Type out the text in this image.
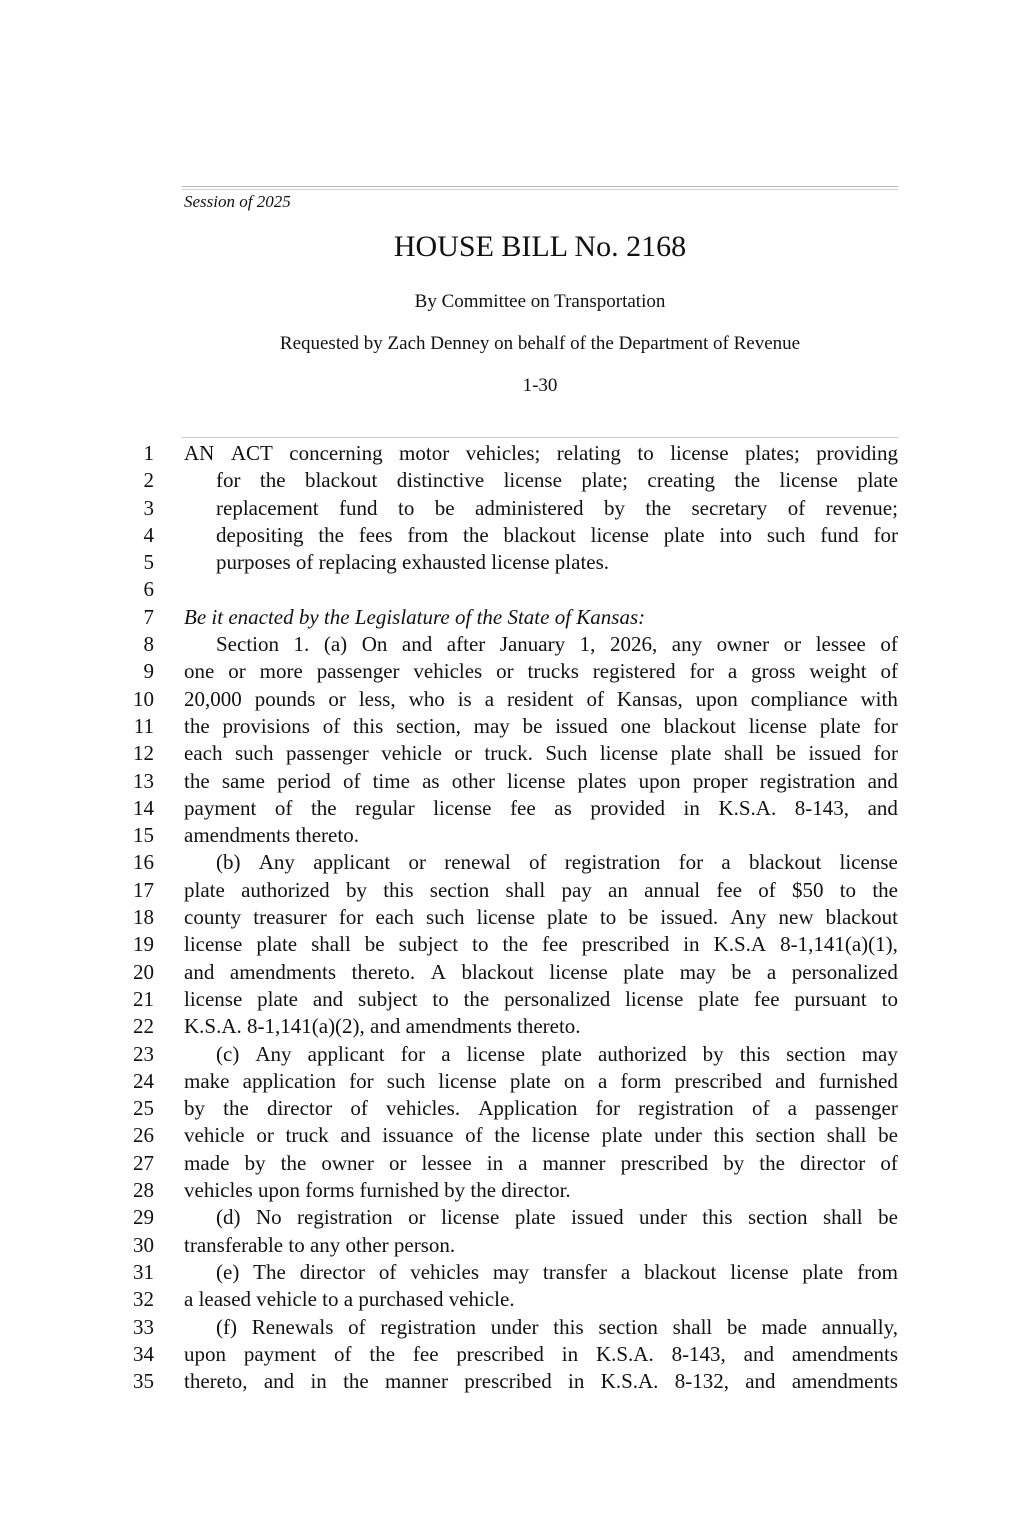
Session of 2025
HOUSE BILL No. 2168
By Committee on Transportation
Requested by Zach Denney on behalf of the Department of Revenue
1-30
1
2
3
4
5
6
7
8
9
10
11
12
13
14
15
16
17
18
19
20
21
22
23
24
25
26
27
28
29
30
31
32
33
34
35
AN ACT concerning motor vehicles; relating to license plates; providing
for the blackout distinctive license plate; creating the license plate
replacement fund to be administered by the secretary of revenue;
depositing the fees from the blackout license plate into such fund for
purposes of replacing exhausted license plates.
Be it enacted by the Legislature of the State of Kansas:
Section 1. (a) On and after January 1, 2026, any owner or lessee of
one or more passenger vehicles or trucks registered for a gross weight of
20,000 pounds or less, who is a resident of Kansas, upon compliance with
the provisions of this section, may be issued one blackout license plate for
each such passenger vehicle or truck. Such license plate shall be issued for
the same period of time as other license plates upon proper registration and
payment of the regular license fee as provided in K.S.A. 8-143, and
amendments thereto.
(b) Any applicant or renewal of registration for a blackout license
plate authorized by this section shall pay an annual fee of $50 to the
county treasurer for each such license plate to be issued. Any new blackout
license plate shall be subject to the fee prescribed in K.S.A 8-1,141(a)(1),
and amendments thereto. A blackout license plate may be a personalized
license plate and subject to the personalized license plate fee pursuant to
K.S.A. 8-1,141(a)(2), and amendments thereto.
(c) Any applicant for a license plate authorized by this section may
make application for such license plate on a form prescribed and furnished
by the director of vehicles. Application for registration of a passenger
vehicle or truck and issuance of the license plate under this section shall be
made by the owner or lessee in a manner prescribed by the director of
vehicles upon forms furnished by the director.
(d) No registration or license plate issued under this section shall be
transferable to any other person.
(e) The director of vehicles may transfer a blackout license plate from
a leased vehicle to a purchased vehicle.
(f) Renewals of registration under this section shall be made annually,
upon payment of the fee prescribed in K.S.A. 8-143, and amendments
thereto, and in the manner prescribed in K.S.A. 8-132, and amendments
